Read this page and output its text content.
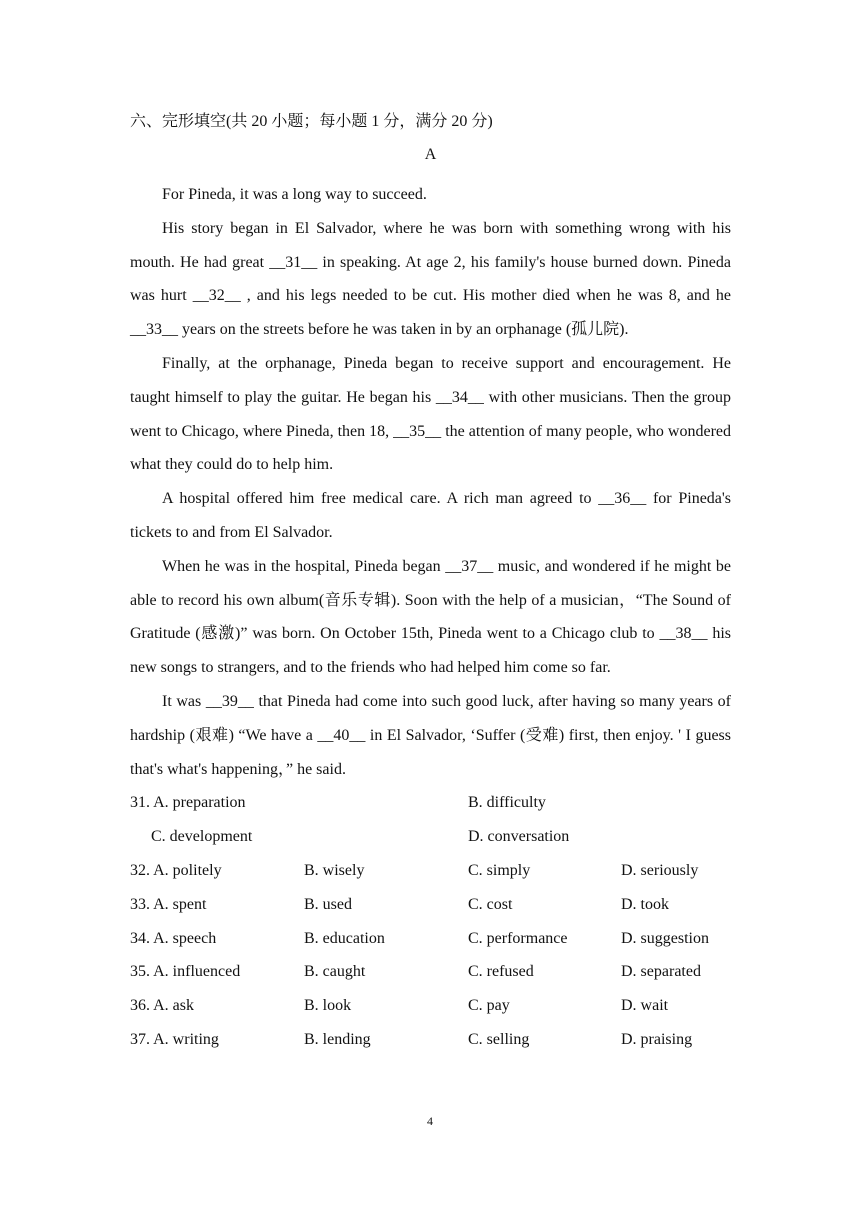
六、完形填空(共 20 小题；每小题 1 分，满分 20 分)
A

For Pineda, it was a long way to succeed.

His story began in El Salvador, where he was born with something wrong with his mouth. He had great __31__ in speaking. At age 2, his family's house burned down. Pineda was hurt __32__ , and his legs needed to be cut. His mother died when he was 8, and he __33__ years on the streets before he was taken in by an orphanage (孤儿院).

Finally, at the orphanage, Pineda began to receive support and encouragement. He taught himself to play the guitar. He began his __34__ with other musicians. Then the group went to Chicago, where Pineda, then 18, __35__ the attention of many people, who wondered what they could do to help him.

A hospital offered him free medical care. A rich man agreed to __36__ for Pineda's tickets to and from El Salvador.

When he was in the hospital, Pineda began __37__ music, and wondered if he might be able to record his own album(音乐专辑). Soon with the help of a musician，“The Sound of Gratitude (感激)” was born. On October 15th, Pineda went to a Chicago club to __38__ his new songs to strangers, and to the friends who had helped him come so far.

It was __39__ that Pineda had come into such good luck, after having so many years of hardship (艰难) “We have a __40__ in El Salvador, ‘Suffer (受难) first, then enjoy. ' I guess that's what's happening，” he said.

31. A. preparation	B. difficulty
C. development	D. conversation
32. A. politely	B. wisely	C. simply	D. seriously
33. A. spent	B. used	C. cost	D. took
34. A. speech	B. education	C. performance	D. suggestion
35. A. influenced	B. caught	C. refused	D. separated
36. A. ask	B. look	C. pay	D. wait
37. A. writing	B. lending	C. selling	D. praising
4
